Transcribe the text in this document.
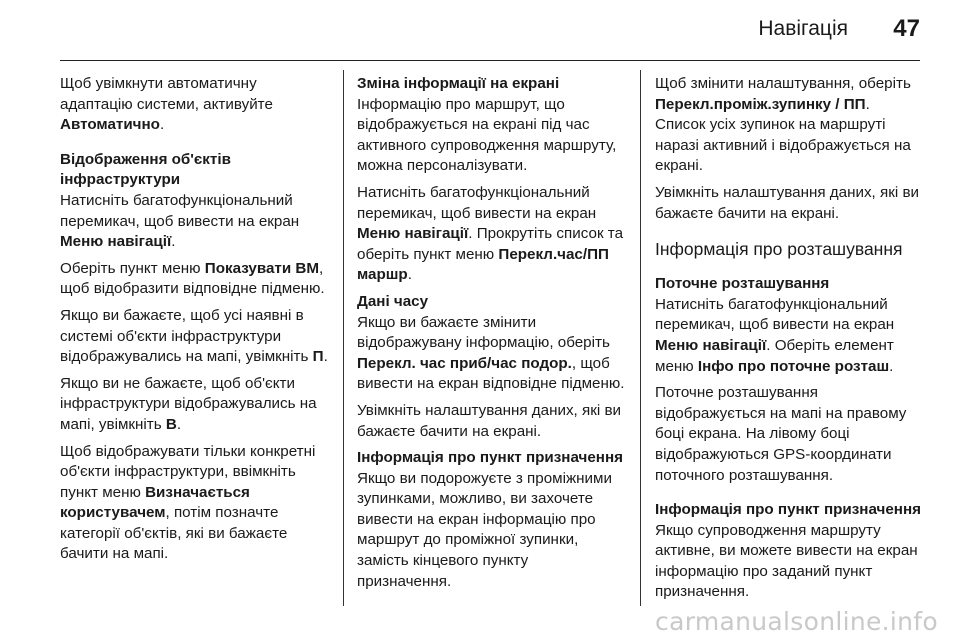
Навігація 47

Щоб увімкнути автоматичну адаптацію системи, активуйте Автоматично.

Відображення об'єктів інфраструктури
Натисніть багатофункціональний перемикач, щоб вивести на екран Меню навігації.

Оберіть пункт меню Показувати ВМ, щоб відобразити відповідне підменю.

Якщо ви бажаєте, щоб усі наявні в системі об'єкти інфраструктури відображувались на мапі, увімкніть П.

Якщо ви не бажаєте, щоб об'єкти інфраструктури відображувались на мапі, увімкніть В.

Щоб відображувати тільки конкретні об'єкти інфраструктури, ввімкніть пункт меню Визначається користувачем, потім позначте категорії об'єктів, які ви бажаєте бачити на мапі.

Зміна інформації на екрані
Інформацію про маршрут, що відображується на екрані під час активного супроводження маршруту, можна персоналізувати.

Натисніть багатофункціональний перемикач, щоб вивести на екран Меню навігації. Прокрутіть список та оберіть пункт меню Перекл.час/ПП маршр.

Дані часу
Якщо ви бажаєте змінити відображувану інформацію, оберіть Перекл. час приб/час подор., щоб вивести на екран відповідне підменю.

Увімкніть налаштування даних, які ви бажаєте бачити на екрані.

Інформація про пункт призначення
Якщо ви подорожуєте з проміжними зупинками, можливо, ви захочете вивести на екран інформацію про маршрут до проміжної зупинки, замість кінцевого пункту призначення.

Щоб змінити налаштування, оберіть Перекл.проміж.зупинку / ПП. Список усіх зупинок на маршруті наразі активний і відображується на екрані.

Увімкніть налаштування даних, які ви бажаєте бачити на екрані.

Інформація про розташування

Поточне розташування
Натисніть багатофункціональний перемикач, щоб вивести на екран Меню навігації. Оберіть елемент меню Інфо про поточне розташ.

Поточне розташування відображується на мапі на правому боці екрана. На лівому боці відображуються GPS-координати поточного розташування.

Інформація про пункт призначення
Якщо супроводження маршруту активне, ви можете вивести на екран інформацію про заданий пункт призначення.

carmanualsonline.info
